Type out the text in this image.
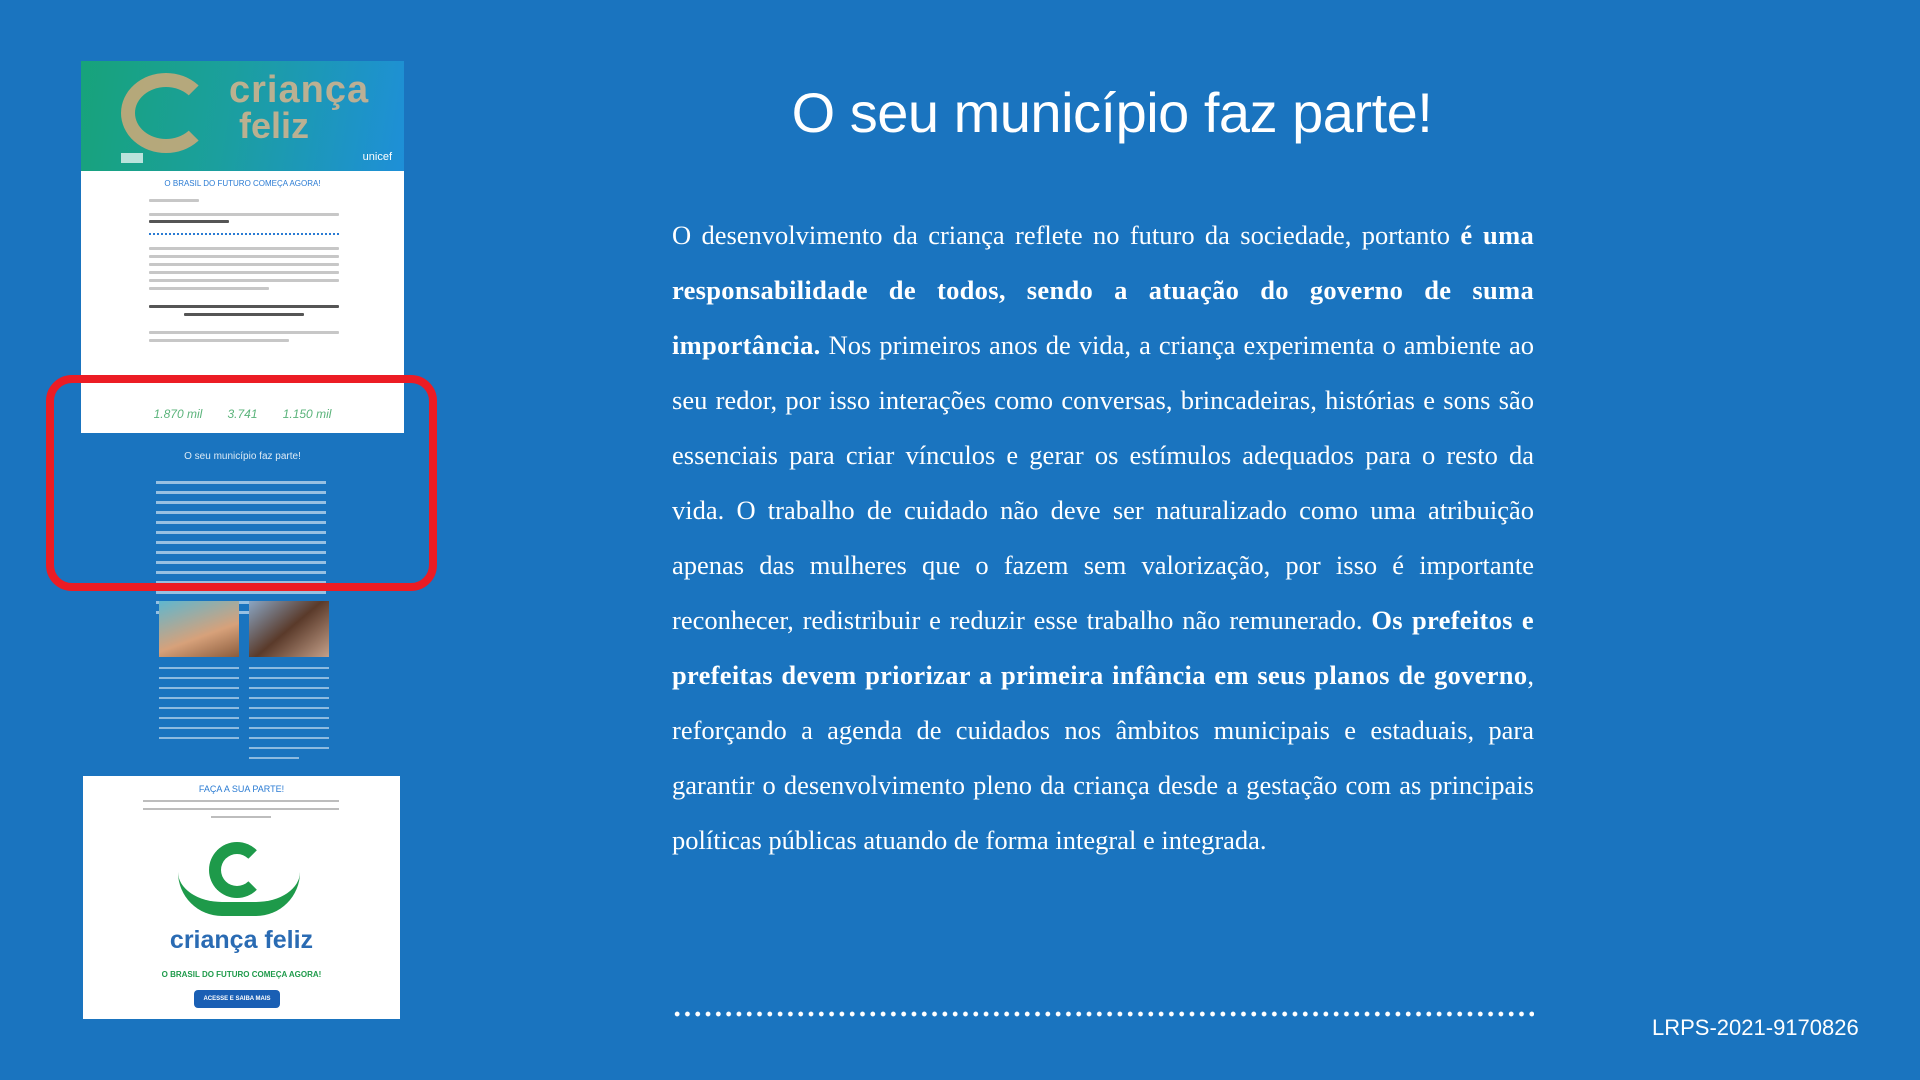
criança
feliz
unicef
O BRASIL DO FUTURO COMEÇA AGORA!
1.870 mil 3.741 1.150 mil
O seu município faz parte!
FAÇA A SUA PARTE!
criança feliz
O BRASIL DO FUTURO COMEÇA AGORA!
ACESSE E SAIBA MAIS
O seu município faz parte!
O desenvolvimento da criança reflete no futuro da sociedade, portanto é uma responsabilidade de todos, sendo a atuação do governo de suma importância. Nos primeiros anos de vida, a criança experimenta o ambiente ao seu redor, por isso interações como conversas, brincadeiras, histórias e sons são essenciais para criar vínculos e gerar os estímulos adequados para o resto da vida. O trabalho de cuidado não deve ser naturalizado como uma atribuição apenas das mulheres que o fazem sem valorização, por isso é importante reconhecer, redistribuir e reduzir esse trabalho não remunerado. Os prefeitos e prefeitas devem priorizar a primeira infância em seus planos de governo, reforçando a agenda de cuidados nos âmbitos municipais e estaduais, para garantir o desenvolvimento pleno da criança desde a gestação com as principais políticas públicas atuando de forma integral e integrada.
LRPS-2021-9170826
